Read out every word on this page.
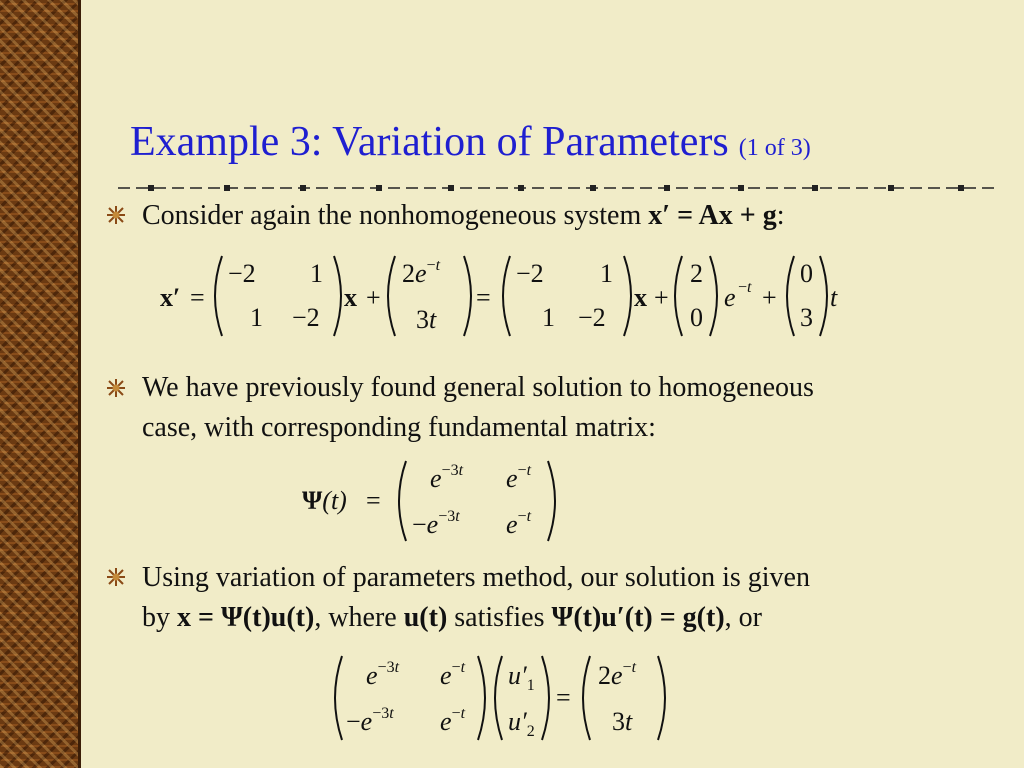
Example 3: Variation of Parameters (1 of 3)
Consider again the nonhomogeneous system x′ = Ax + g:
x′ =
−2 1
1 −2
x +
2e−t
3t
=
−2 1
1 −2
x +
2
0
e −t +
0
3
t
We have previously found general solution to homogeneous
case, with corresponding fundamental matrix:
Ψ(t) =
$e^{-3}t$ e−t
$-e^{-3}t$ e−t
Using variation of parameters method, our solution is given
by x = Ψ(t)u(t), where u(t) satisfies Ψ(t)u′(t) = g(t), or
$e^{-3}t$ e−t
$-e^{-3}t$ e−t
$u'_1$
$u'_2$
=
2e−t
3t
